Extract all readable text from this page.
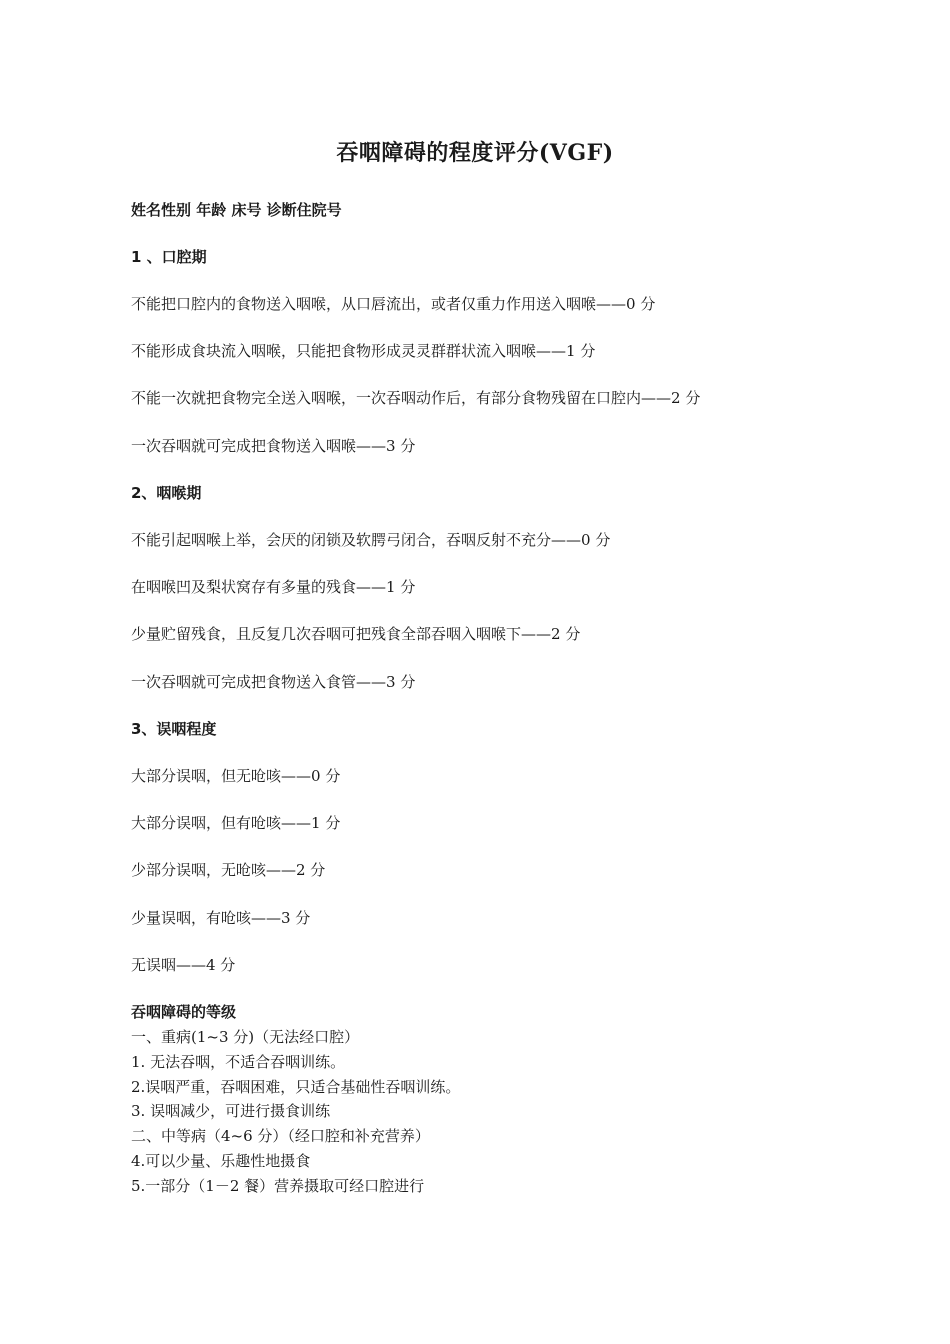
吞咽障碍的程度评分(VGF)
姓名性别 年龄 床号 诊断住院号
1 、口腔期
不能把口腔内的食物送入咽喉，从口唇流出，或者仅重力作用送入咽喉——0 分
不能形成食块流入咽喉，只能把食物形成灵灵群群状流入咽喉——1 分
不能一次就把食物完全送入咽喉，一次吞咽动作后，有部分食物残留在口腔内——2 分
一次吞咽就可完成把食物送入咽喉——3 分
2、咽喉期
不能引起咽喉上举，会厌的闭锁及软腭弓闭合，吞咽反射不充分——0 分
在咽喉凹及梨状窝存有多量的残食——1 分
少量贮留残食，且反复几次吞咽可把残食全部吞咽入咽喉下——2 分
一次吞咽就可完成把食物送入食管——3 分
3、误咽程度
大部分误咽，但无呛咳——0 分
大部分误咽，但有呛咳——1 分
少部分误咽，无呛咳——2 分
少量误咽，有呛咳——3 分
无误咽——4 分
吞咽障碍的等级
一、重病(1~3 分)（无法经口腔）
1. 无法吞咽，不适合吞咽训练。
2.误咽严重，吞咽困难，只适合基础性吞咽训练。
3. 误咽减少，可进行摄食训练
二、中等病（4~6 分）（经口腔和补充营养）
4.可以少量、乐趣性地摄食
5.一部分（1－2 餐）营养摄取可经口腔进行
